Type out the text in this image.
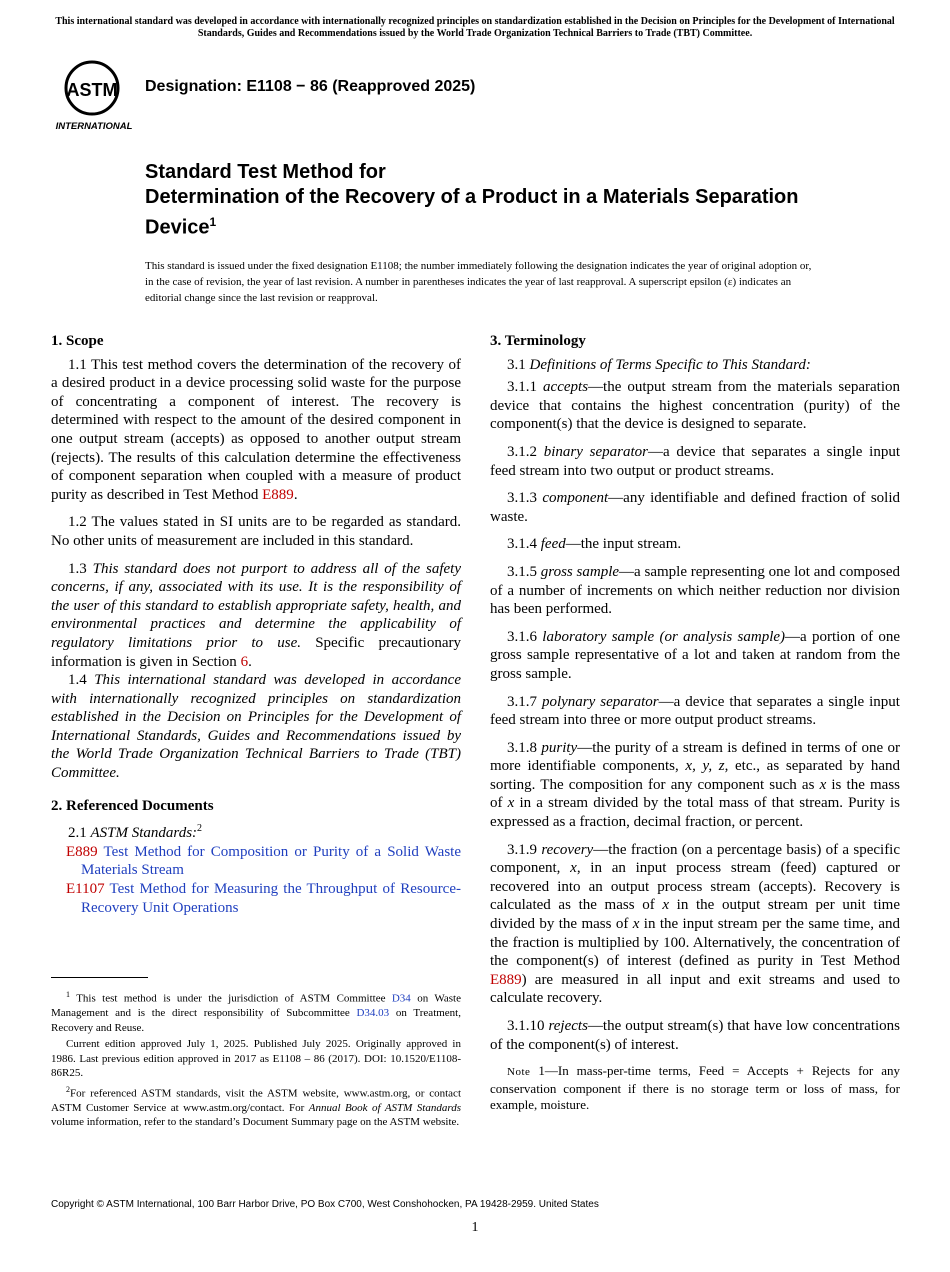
This international standard was developed in accordance with internationally recognized principles on standardization established in the Decision on Principles for the Development of International Standards, Guides and Recommendations issued by the World Trade Organization Technical Barriers to Trade (TBT) Committee.
ASTM
INTERNATIONAL
Designation: E1108 − 86 (Reapproved 2025)
Standard Test Method for
Determination of the Recovery of a Product in a Materials Separation Device$^1$
This standard is issued under the fixed designation E1108; the number immediately following the designation indicates the year of original adoption or, in the case of revision, the year of last revision. A number in parentheses indicates the year of last reapproval. A superscript epsilon (ε) indicates an editorial change since the last revision or reapproval.
1. Scope

1.1 This test method covers the determination of the recovery of a desired product in a device processing solid waste for the purpose of concentrating a component of interest. The recovery is determined with respect to the amount of the desired component in one output stream (accepts) as opposed to another output stream (rejects). The results of this calculation determine the effectiveness of component separation when coupled with a measure of product purity as described in Test Method E889.

1.2 The values stated in SI units are to be regarded as standard. No other units of measurement are included in this standard.

1.3 This standard does not purport to address all of the safety concerns, if any, associated with its use. It is the responsibility of the user of this standard to establish appropriate safety, health, and environmental practices and determine the applicability of regulatory limitations prior to use. Specific precautionary information is given in Section 6.

1.4 This international standard was developed in accordance with internationally recognized principles on standardization established in the Decision on Principles for the Development of International Standards, Guides and Recommendations issued by the World Trade Organization Technical Barriers to Trade (TBT) Committee.

2. Referenced Documents

2.1 ASTM Standards:$^2$

E889 Test Method for Composition or Purity of a Solid Waste Materials Stream

E1107 Test Method for Measuring the Throughput of Resource-Recovery Unit Operations

$^1$ This test method is under the jurisdiction of ASTM Committee D34 on Waste Management and is the direct responsibility of Subcommittee D34.03 on Treatment, Recovery and Reuse.

Current edition approved July 1, 2025. Published July 2025. Originally approved in 1986. Last previous edition approved in 2017 as E1108 – 86 (2017). DOI: 10.1520/E1108-86R25.

$^2$For referenced ASTM standards, visit the ASTM website, www.astm.org, or contact ASTM Customer Service at www.astm.org/contact. For Annual Book of ASTM Standards volume information, refer to the standard’s Document Summary page on the ASTM website.

3. Terminology

3.1 Definitions of Terms Specific to This Standard:

3.1.1 accepts—the output stream from the materials separation device that contains the highest concentration (purity) of the component(s) that the device is designed to separate.

3.1.2 binary separator—a device that separates a single input feed stream into two output or product streams.

3.1.3 component—any identifiable and defined fraction of solid waste.

3.1.4 feed—the input stream.

3.1.5 gross sample—a sample representing one lot and composed of a number of increments on which neither reduction nor division has been performed.

3.1.6 laboratory sample (or analysis sample)—a portion of one gross sample representative of a lot and taken at random from the gross sample.

3.1.7 polynary separator—a device that separates a single input feed stream into three or more output product streams.

3.1.8 purity—the purity of a stream is defined in terms of one or more identifiable components, x, y, z, etc., as separated by hand sorting. The composition for any component such as x is the mass of x in a stream divided by the total mass of that stream. Purity is expressed as a fraction, decimal fraction, or percent.

3.1.9 recovery—the fraction (on a percentage basis) of a specific component, x, in an input process stream (feed) captured or recovered into an output process stream (accepts). Recovery is calculated as the mass of x in the output stream per unit time divided by the mass of x in the input stream per the same time, and the fraction is multiplied by 100. Alternatively, the concentration of the component(s) of interest (defined as purity in Test Method E889) are measured in all input and exit streams and used to calculate recovery.

3.1.10 rejects—the output stream(s) that have low concentrations of the component(s) of interest.

Note 1—In mass-per-time terms, Feed = Accepts + Rejects for any conservation component if there is no storage term or loss of mass, for example, moisture.

Copyright © ASTM International, 100 Barr Harbor Drive, PO Box C700, West Conshohocken, PA 19428-2959. United States
1
